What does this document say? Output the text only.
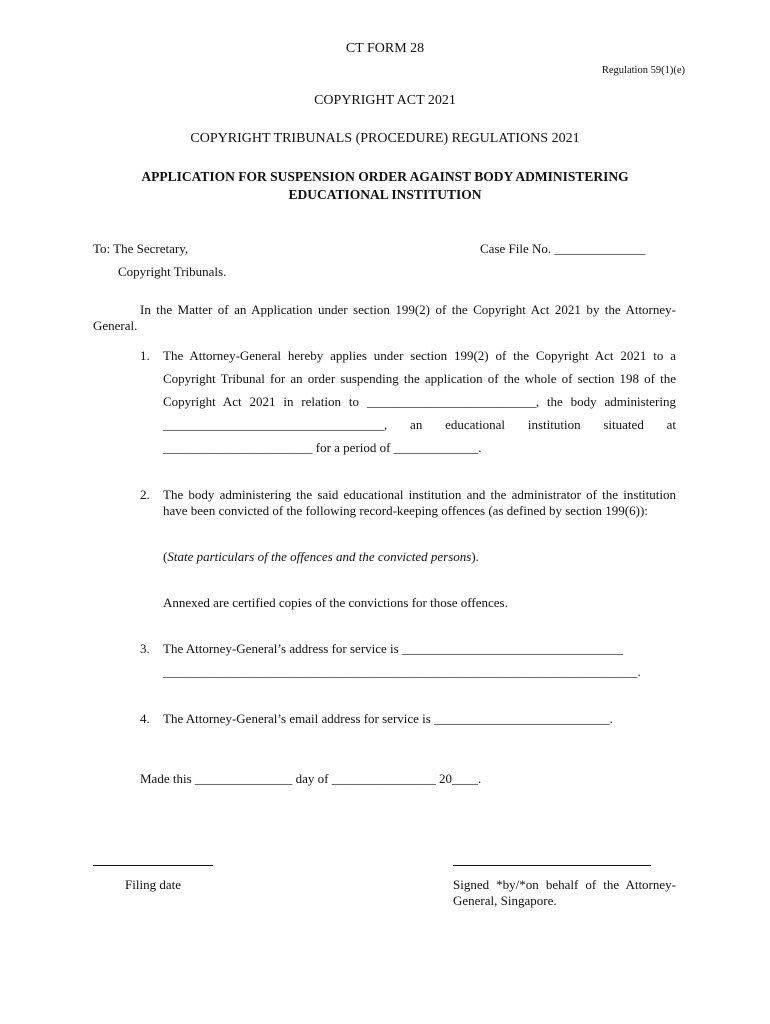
CT FORM 28
Regulation 59(1)(e)
COPYRIGHT ACT 2021
COPYRIGHT TRIBUNALS (PROCEDURE) REGULATIONS 2021
APPLICATION FOR SUSPENSION ORDER AGAINST BODY ADMINISTERING
EDUCATIONAL INSTITUTION
To: The Secretary,	Case File No. ______________
Copyright Tribunals.
In the Matter of an Application under section 199(2) of the Copyright Act 2021 by the Attorney-General.
1. The Attorney-General hereby applies under section 199(2) of the Copyright Act 2021 to a Copyright Tribunal for an order suspending the application of the whole of section 198 of the Copyright Act 2021 in relation to __________________________, the body administering __________________________________, an educational institution situated at _______________________ for a period of _____________.
2. The body administering the said educational institution and the administrator of the institution have been convicted of the following record-keeping offences (as defined by section 199(6)):
(State particulars of the offences and the convicted persons).
Annexed are certified copies of the convictions for those offences.
3. The Attorney-General’s address for service is __________________________________
_________________________________________________________________________.
4. The Attorney-General’s email address for service is ___________________________.
Made this _______________ day of ________________ 20____.
Filing date	Signed *by/*on behalf of the Attorney-General, Singapore.
